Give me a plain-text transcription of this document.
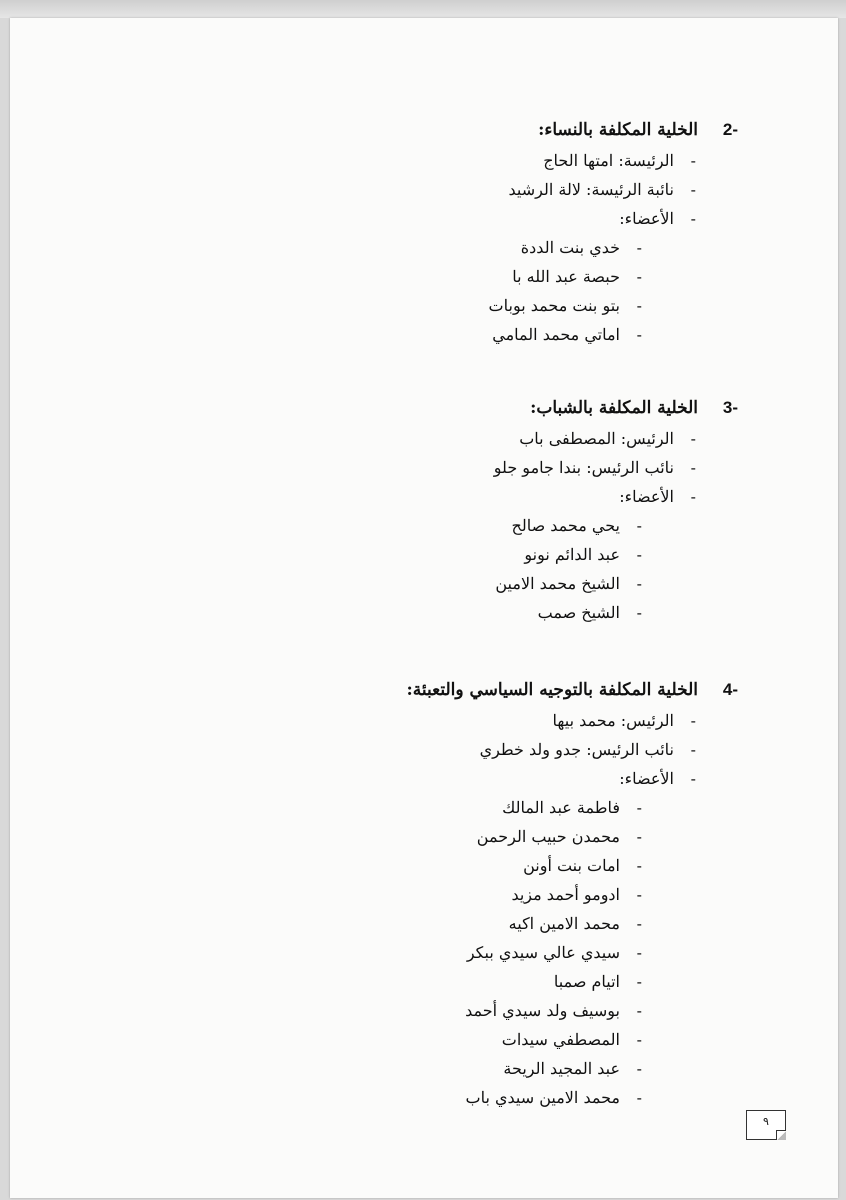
-2الخلية المكلفة بالنساء:
-الرئيسة: امتها الحاج
-نائبة الرئيسة: لالة الرشيد
-الأعضاء:
-خدي بنت الددة
-حبصة عبد الله با
-بتو بنت محمد بوبات
-اماتي محمد المامي
-3الخلية المكلفة بالشباب:
-الرئيس: المصطفى باب
-نائب الرئيس: بندا جامو جلو
-الأعضاء:
-يحي محمد صالح
-عبد الدائم نونو
-الشيخ محمد الامين
-الشيخ صمب
-4الخلية المكلفة بالتوجيه السياسي والتعبئة:
-الرئيس: محمد بيها
-نائب الرئيس: جدو ولد خطري
-الأعضاء:
-فاطمة عبد المالك
-محمدن حبيب الرحمن
-امات بنت أونن
-ادومو أحمد مزيد
-محمد الامين اكيه
-سيدي عالي سيدي ببكر
-اتيام صمبا
-بوسيف ولد سيدي أحمد
-المصطفي سيدات
-عبد المجيد الريحة
-محمد الامين سيدي باب
٩
